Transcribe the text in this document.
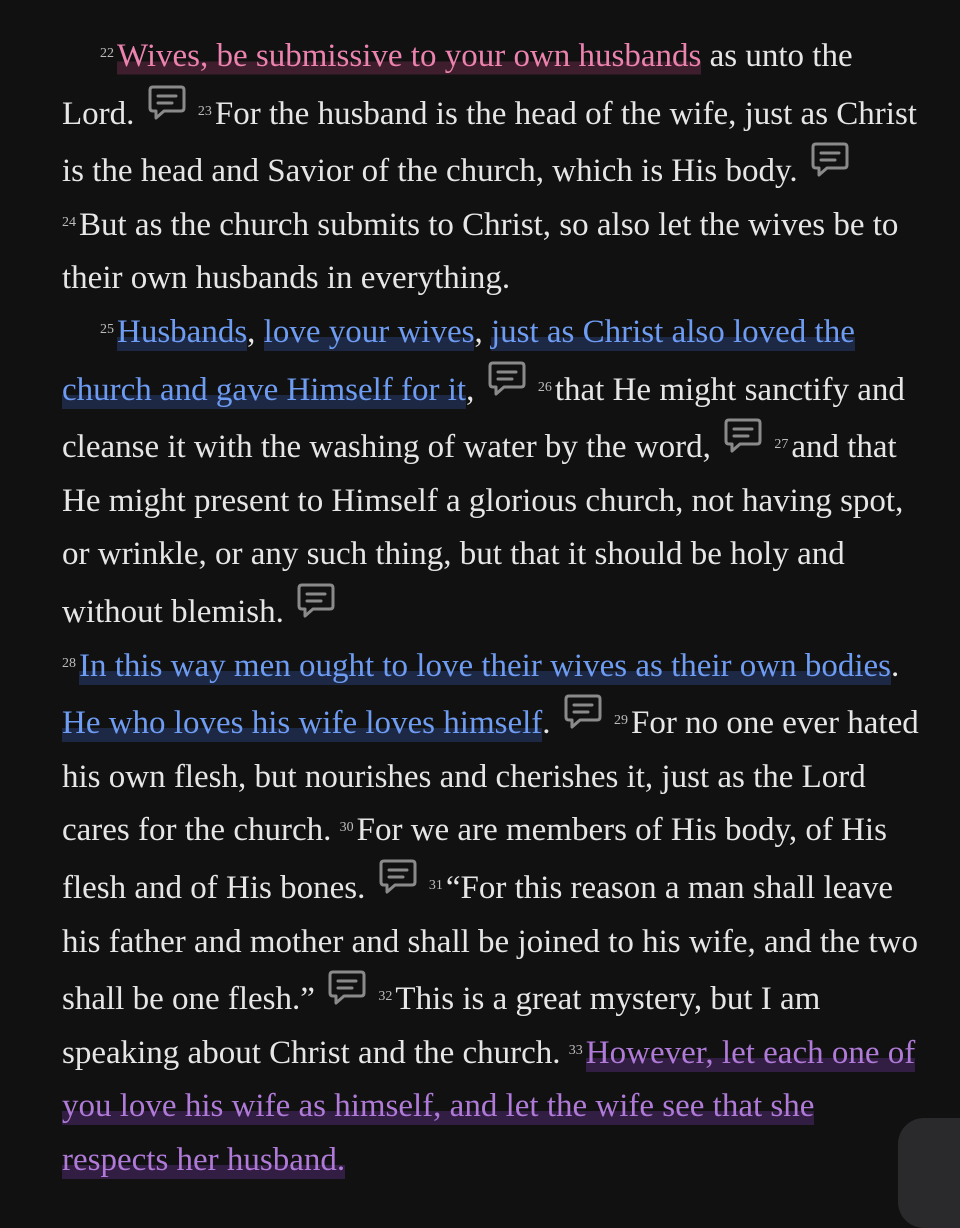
$^{22}$Wives, be submissive to your own husbands as unto the Lord.	$^{23}$For the husband is the head of the wife, just as Christ is the head and Savior of the church, which is His body.
$^{24}$But as the church submits to Christ, so also let the wives be to their own husbands in everything.

$^{25}$Husbands, love your wives, just as Christ also loved the church and gave Himself for it,	$^{26}$that He might sanctify and cleanse it with the washing of water by the word,	$^{27}$and that He might present to Himself a glorious church, not having spot, or wrinkle, or any such thing, but that it should be holy and without blemish.

$^{28}$In this way men ought to love their wives as their own bodies. He who loves his wife loves himself.	$^{29}$For no one ever hated his own flesh, but nourishes and cherishes it, just as the Lord cares for the church. $^{30}$For we are members of His body, of His flesh and of His bones.	$^{31}$“For this reason a man shall leave his father and mother and shall be joined to his wife, and the two shall be one flesh.”	$^{32}$This is a great mystery, but I am speaking about Christ and the church. $^{33}$However, let each one of you love his wife as himself, and let the wife see that she respects her husband.
